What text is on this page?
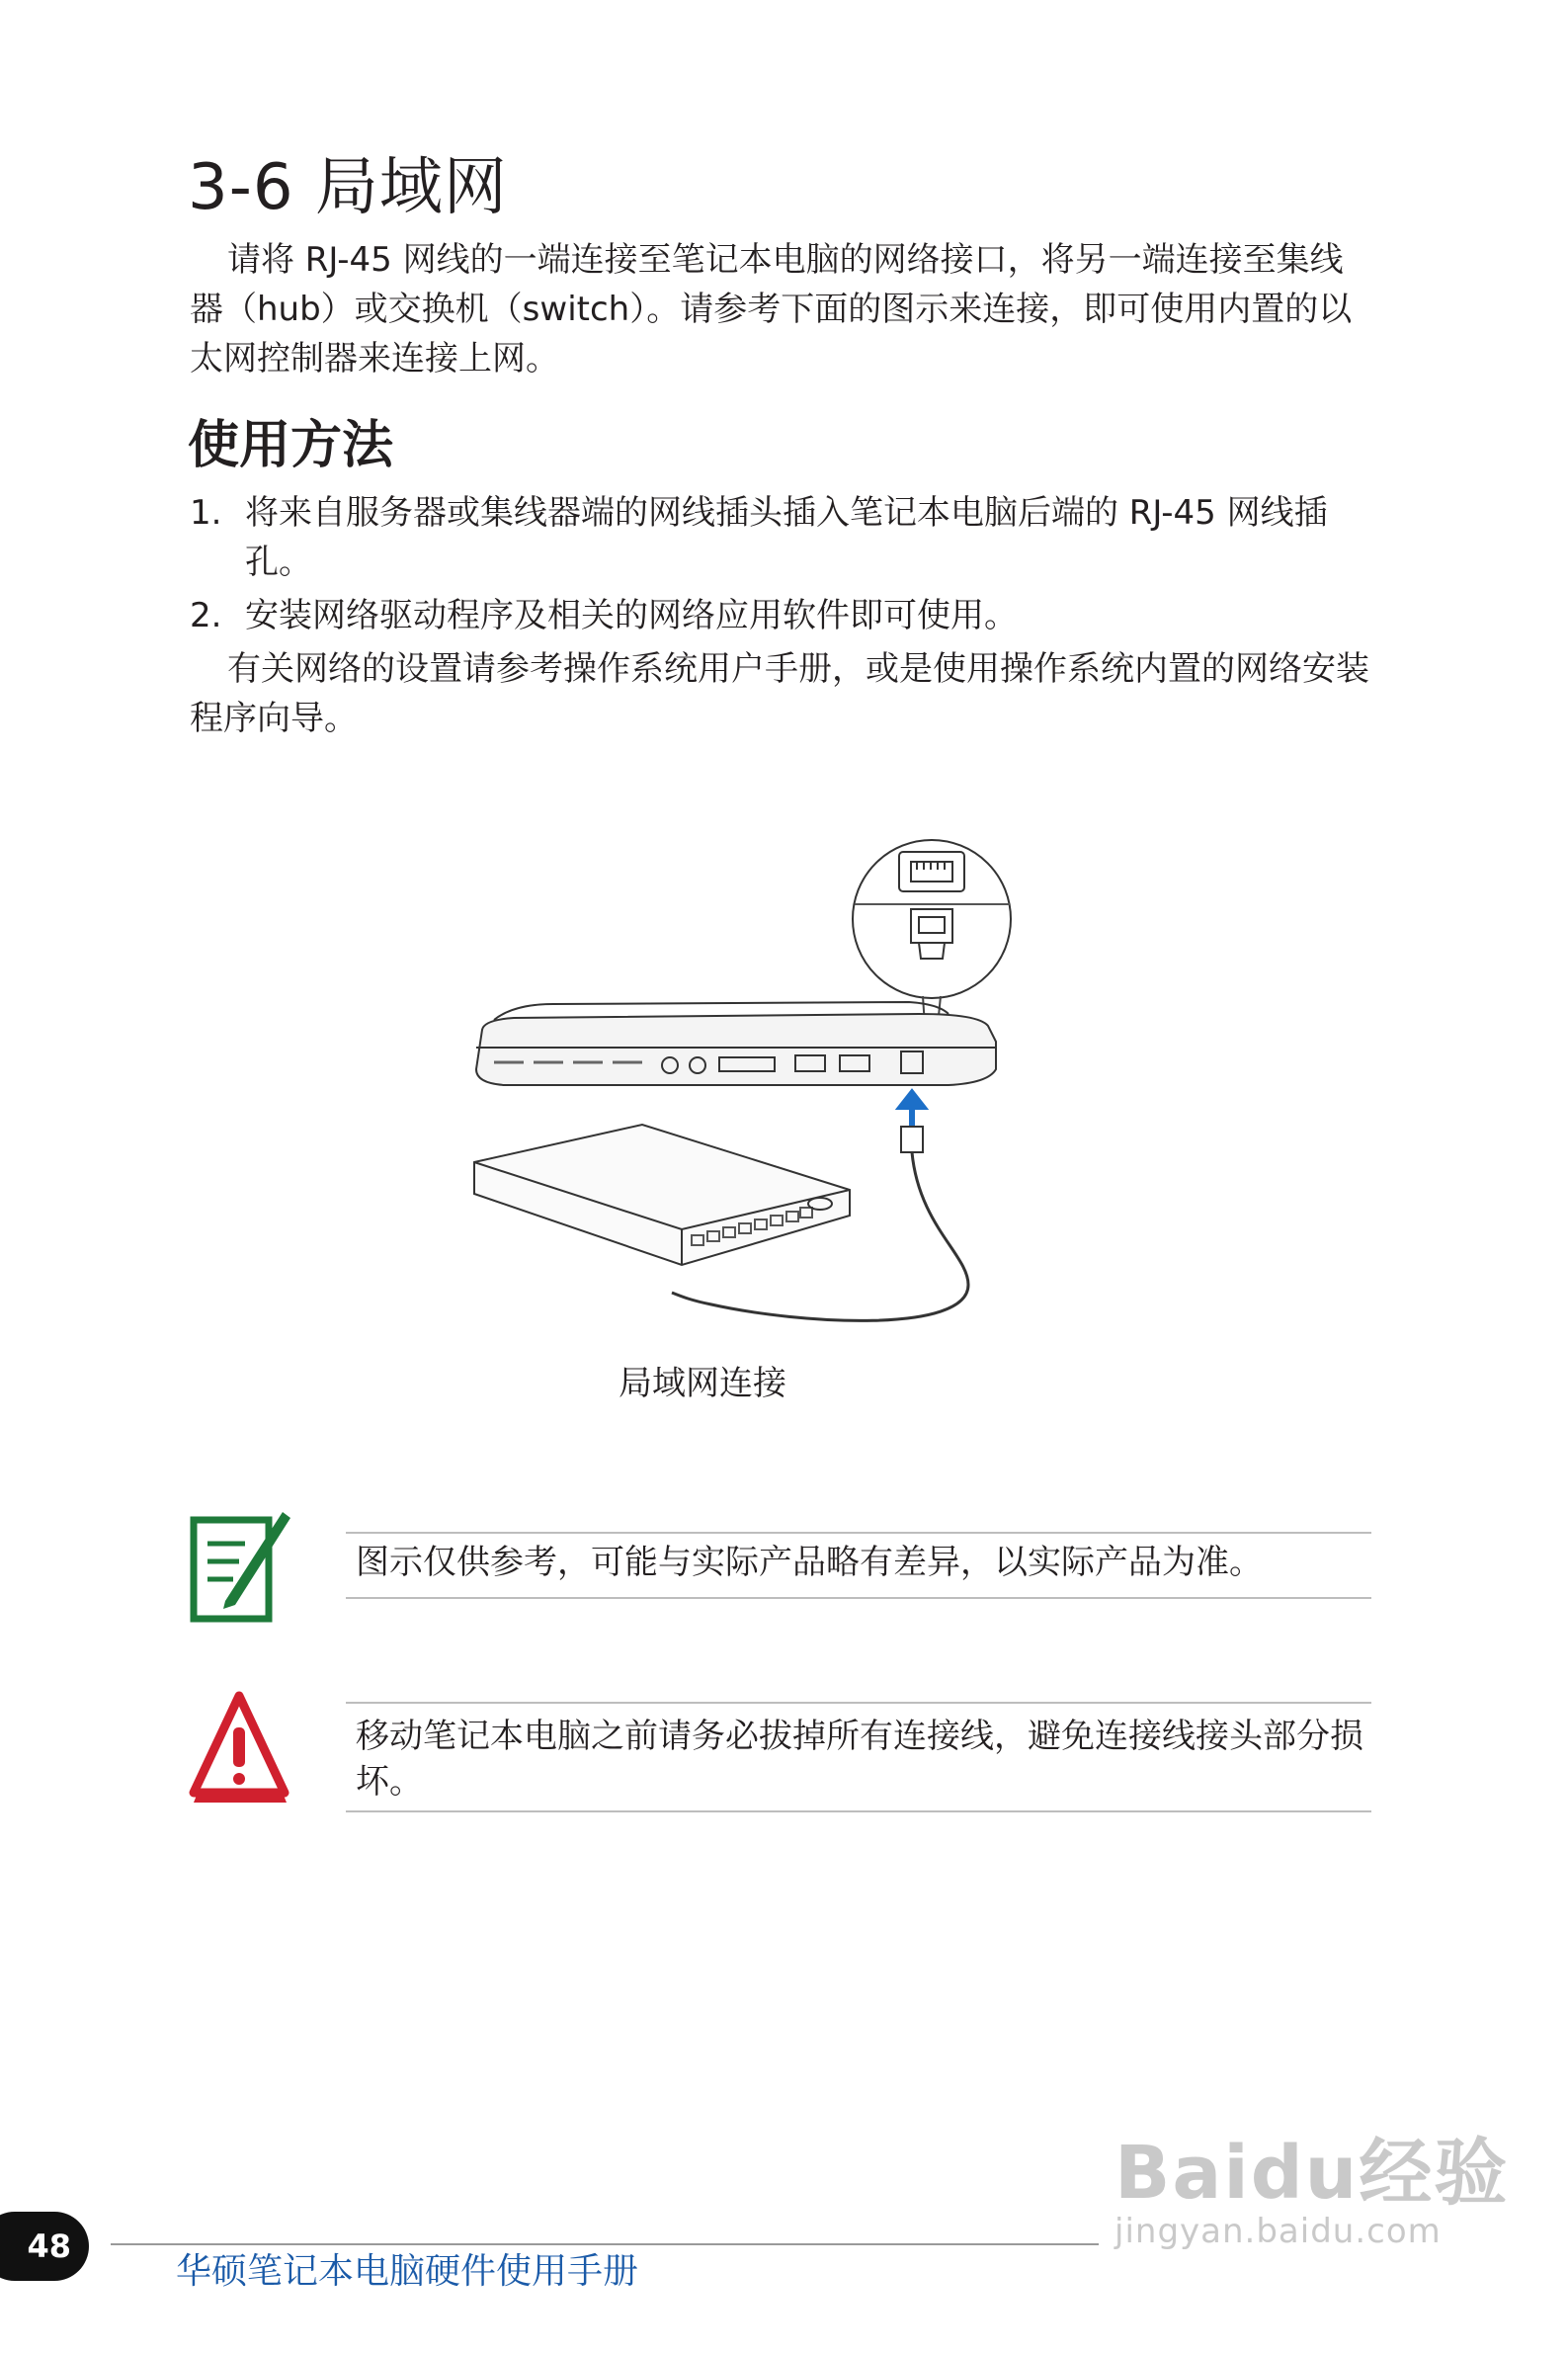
3-6 局域网

请将 RJ-45 网线的一端连接至笔记本电脑的网络接口，将另一端连接至集线器（hub）或交换机（switch）。请参考下面的图示来连接，即可使用内置的以太网控制器来连接上网。

使用方法
1. 将来自服务器或集线器端的网线插头插入笔记本电脑后端的 RJ-45 网线插孔。
2. 安装网络驱动程序及相关的网络应用软件即可使用。

有关网络的设置请参考操作系统用户手册，或是使用操作系统内置的网络安装程序向导。

局域网连接
图示仅供参考，可能与实际产品略有差异，以实际产品为准。
移动笔记本电脑之前请务必拔掉所有连接线，避免连接线接头部分损坏。
Baidu经验
jingyan.baidu.com
48
华硕笔记本电脑硬件使用手册
